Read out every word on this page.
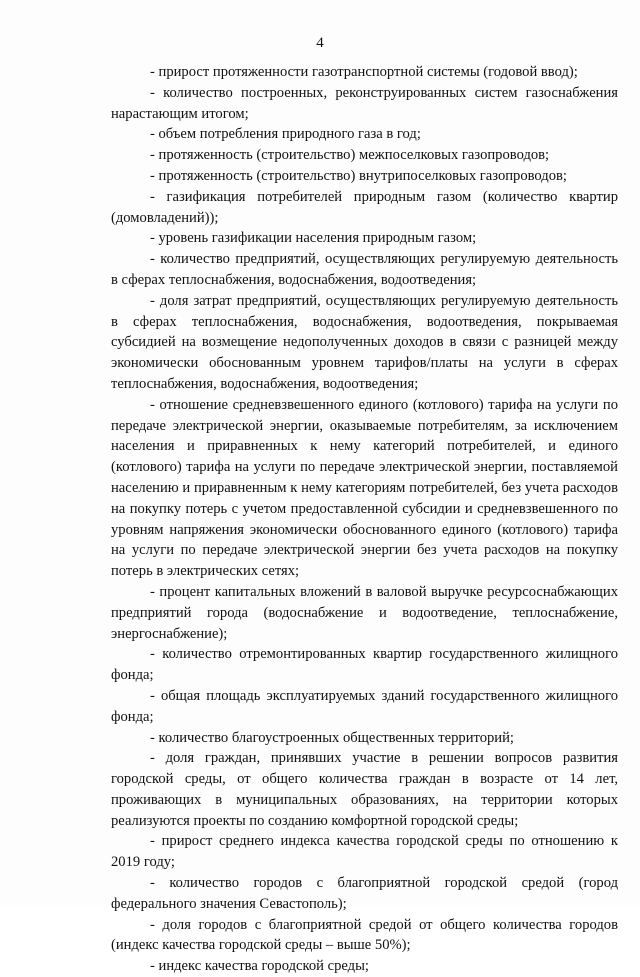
4

- прирост протяженности газотранспортной системы (годовой ввод);

- количество построенных, реконструированных систем газоснабжения нарастающим итогом;

- объем потребления природного газа в год;

- протяженность (строительство) межпоселковых газопроводов;

- протяженность (строительство) внутрипоселковых газопроводов;

- газификация потребителей природным газом (количество квартир (домовладений));

- уровень газификации населения природным газом;

- количество предприятий, осуществляющих регулируемую деятельность в сферах теплоснабжения, водоснабжения, водоотведения;

- доля затрат предприятий, осуществляющих регулируемую деятельность в сферах теплоснабжения, водоснабжения, водоотведения, покрываемая субсидией на возмещение недополученных доходов в связи с разницей между экономически обоснованным уровнем тарифов/платы на услуги в сферах теплоснабжения, водоснабжения, водоотведения;

- отношение средневзвешенного единого (котлового) тарифа на услуги по передаче электрической энергии, оказываемые потребителям, за исключением населения и приравненных к нему категорий потребителей, и единого (котлового) тарифа на услуги по передаче электрической энергии, поставляемой населению и приравненным к нему категориям потребителей, без учета расходов на покупку потерь с учетом предоставленной субсидии и средневзвешенного по уровням напряжения экономически обоснованного единого (котлового) тарифа на услуги по передаче электрической энергии без учета расходов на покупку потерь в электрических сетях;

- процент капитальных вложений в валовой выручке ресурсоснабжающих предприятий города (водоснабжение и водоотведение, теплоснабжение, энергоснабжение);

- количество отремонтированных квартир государственного жилищного фонда;

- общая площадь эксплуатируемых зданий государственного жилищного фонда;

- количество благоустроенных общественных территорий;

- доля граждан, принявших участие в решении вопросов развития городской среды, от общего количества граждан в возрасте от 14 лет, проживающих в муниципальных образованиях, на территории которых реализуются проекты по созданию комфортной городской среды;

- прирост среднего индекса качества городской среды по отношению к 2019 году;

- количество городов с благоприятной городской средой (город федерального значения Севастополь);

- доля городов с благоприятной средой от общего количества городов (индекс качества городской среды – выше 50%);

- индекс качества городской среды;
